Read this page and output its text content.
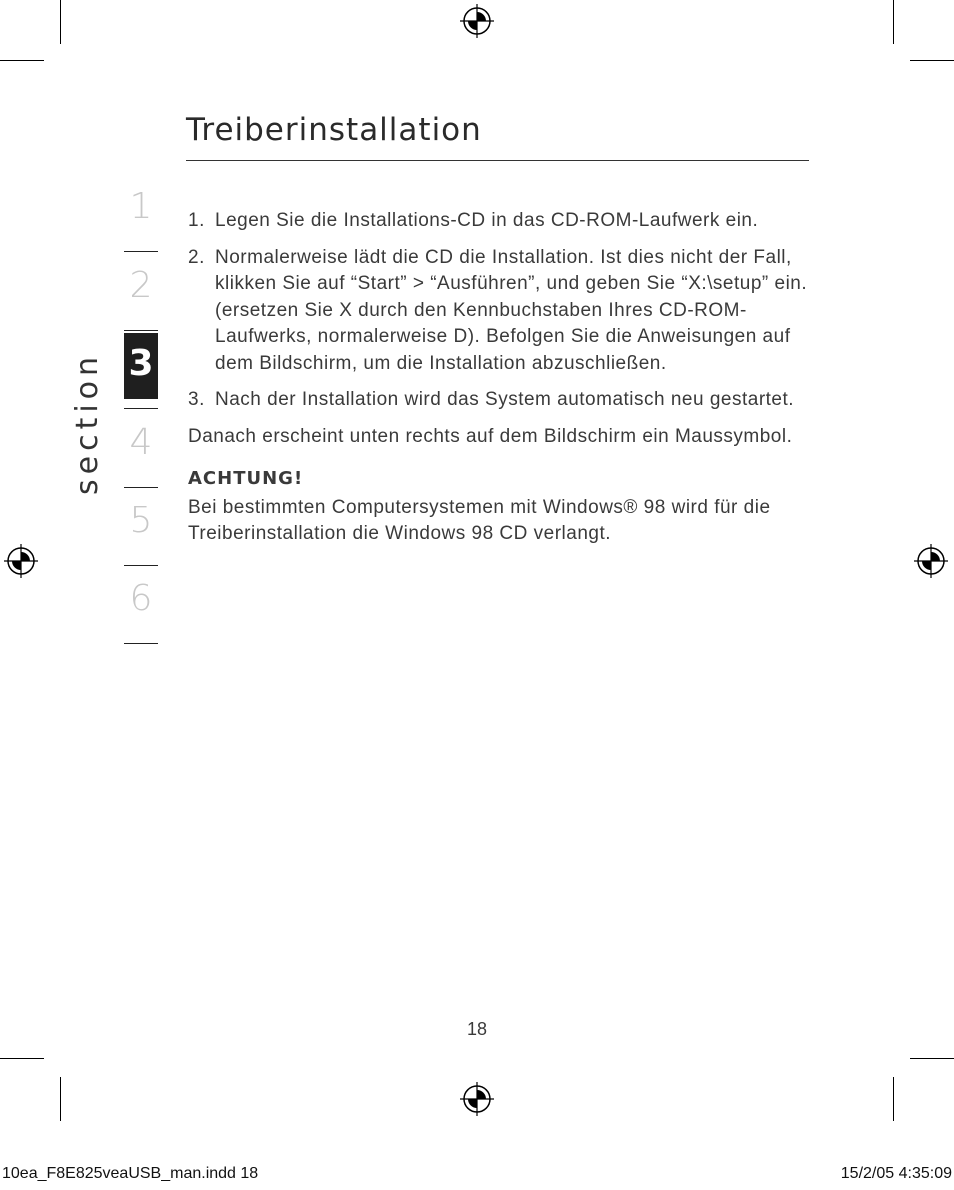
Treiberinstallation
section
1
2
3
4
5
6
1. Legen Sie die Installations-CD in das CD-ROM-Laufwerk ein.
2. Normalerweise lädt die CD die Installation. Ist dies nicht der Fall, klikken Sie auf “Start” > “Ausführen”, und geben Sie “X:\setup” ein.(ersetzen Sie X durch den Kennbuchstaben Ihres CD-ROM-Laufwerks, normalerweise D). Befolgen Sie die Anweisungen auf dem Bildschirm, um die Installation abzuschließen.
3. Nach der Installation wird das System automatisch neu gestartet.

Danach erscheint unten rechts auf dem Bildschirm ein Maussymbol.

ACHTUNG!

Bei bestimmten Computersystemen mit Windows® 98 wird für die Treiberinstallation die Windows 98 CD verlangt.

18
10ea_F8E825veaUSB_man.indd 18	15/2/05 4:35:09
